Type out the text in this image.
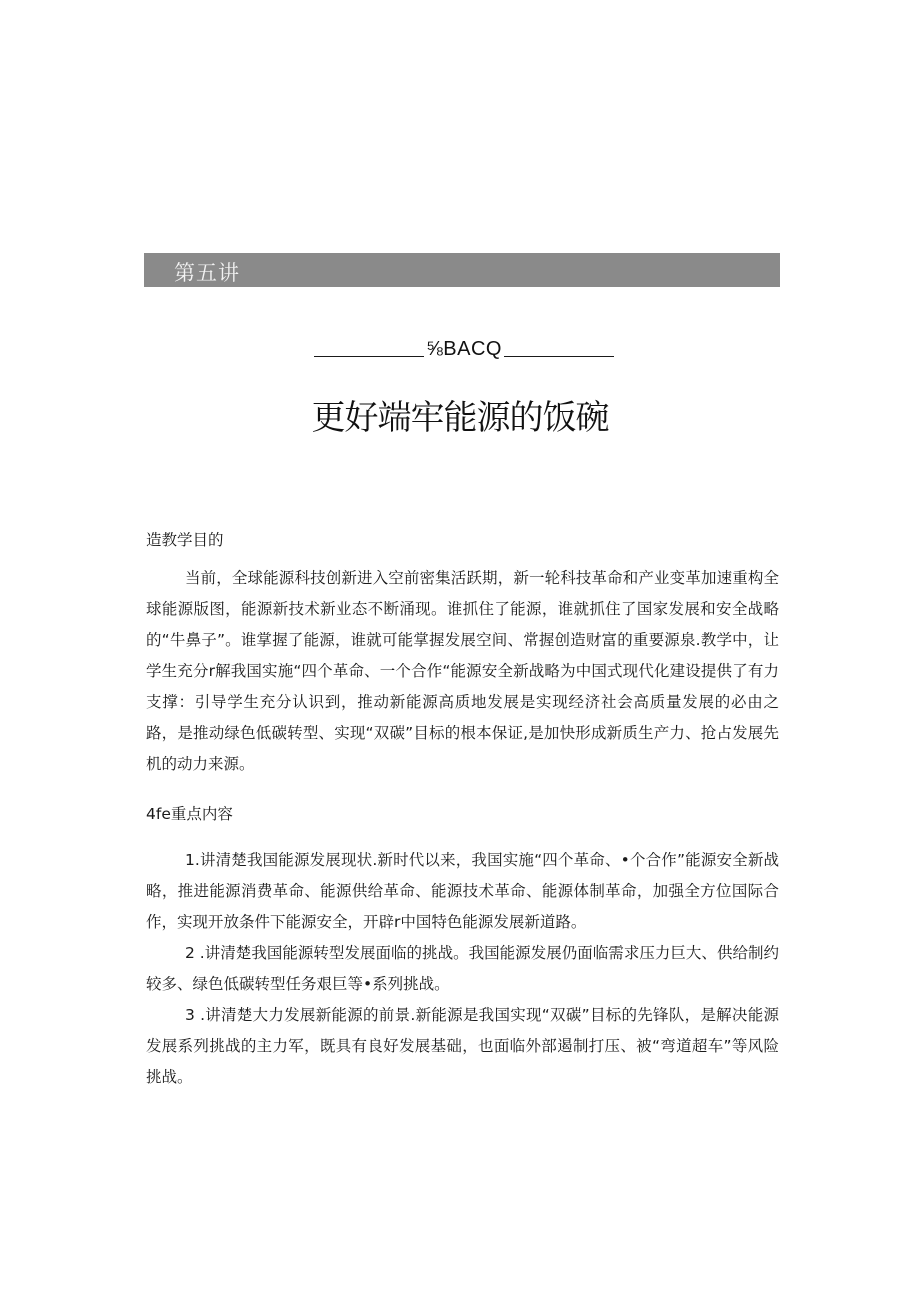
第五讲
⅝BACQ
更好端牢能源的饭碗
造教学目的

当前，全球能源科技创新进入空前密集活跃期，新一轮科技革命和产业变革加速重构全球能源版图，能源新技术新业态不断涌现。谁抓住了能源，谁就抓住了国家发展和安全战略的“牛鼻子”。谁掌握了能源，谁就可能掌握发展空间、常握创造财富的重要源泉.教学中，让学生充分r解我国实施“四个革命、一个合作“能源安全新战略为中国式现代化建设提供了有力支撑：引导学生充分认识到，推动新能源高质地发展是实现经济社会高质量发展的必由之路，是推动绿色低碳转型、实现“双碳”目标的根本保证,是加快形成新质生产力、抢占发展先机的动力来源。

4fe重点内容

1.讲清楚我国能源发展现状.新时代以来，我国实施“四个革命、•个合作”能源安全新战略，推进能源消费革命、能源供给革命、能源技术革命、能源体制革命，加强全方位国际合作，实现开放条件下能源安全，开辟r中国特色能源发展新道路。

2 .讲清楚我国能源转型发展面临的挑战。我国能源发展仍面临需求压力巨大、供给制约较多、绿色低碳转型任务艰巨等•系列挑战。

3 .讲清楚大力发展新能源的前景.新能源是我国实现“双碳”目标的先锋队，是解决能源发展系列挑战的主力军，既具有良好发展基础，也面临外部遏制打压、被“弯道超车”等风险挑战。
